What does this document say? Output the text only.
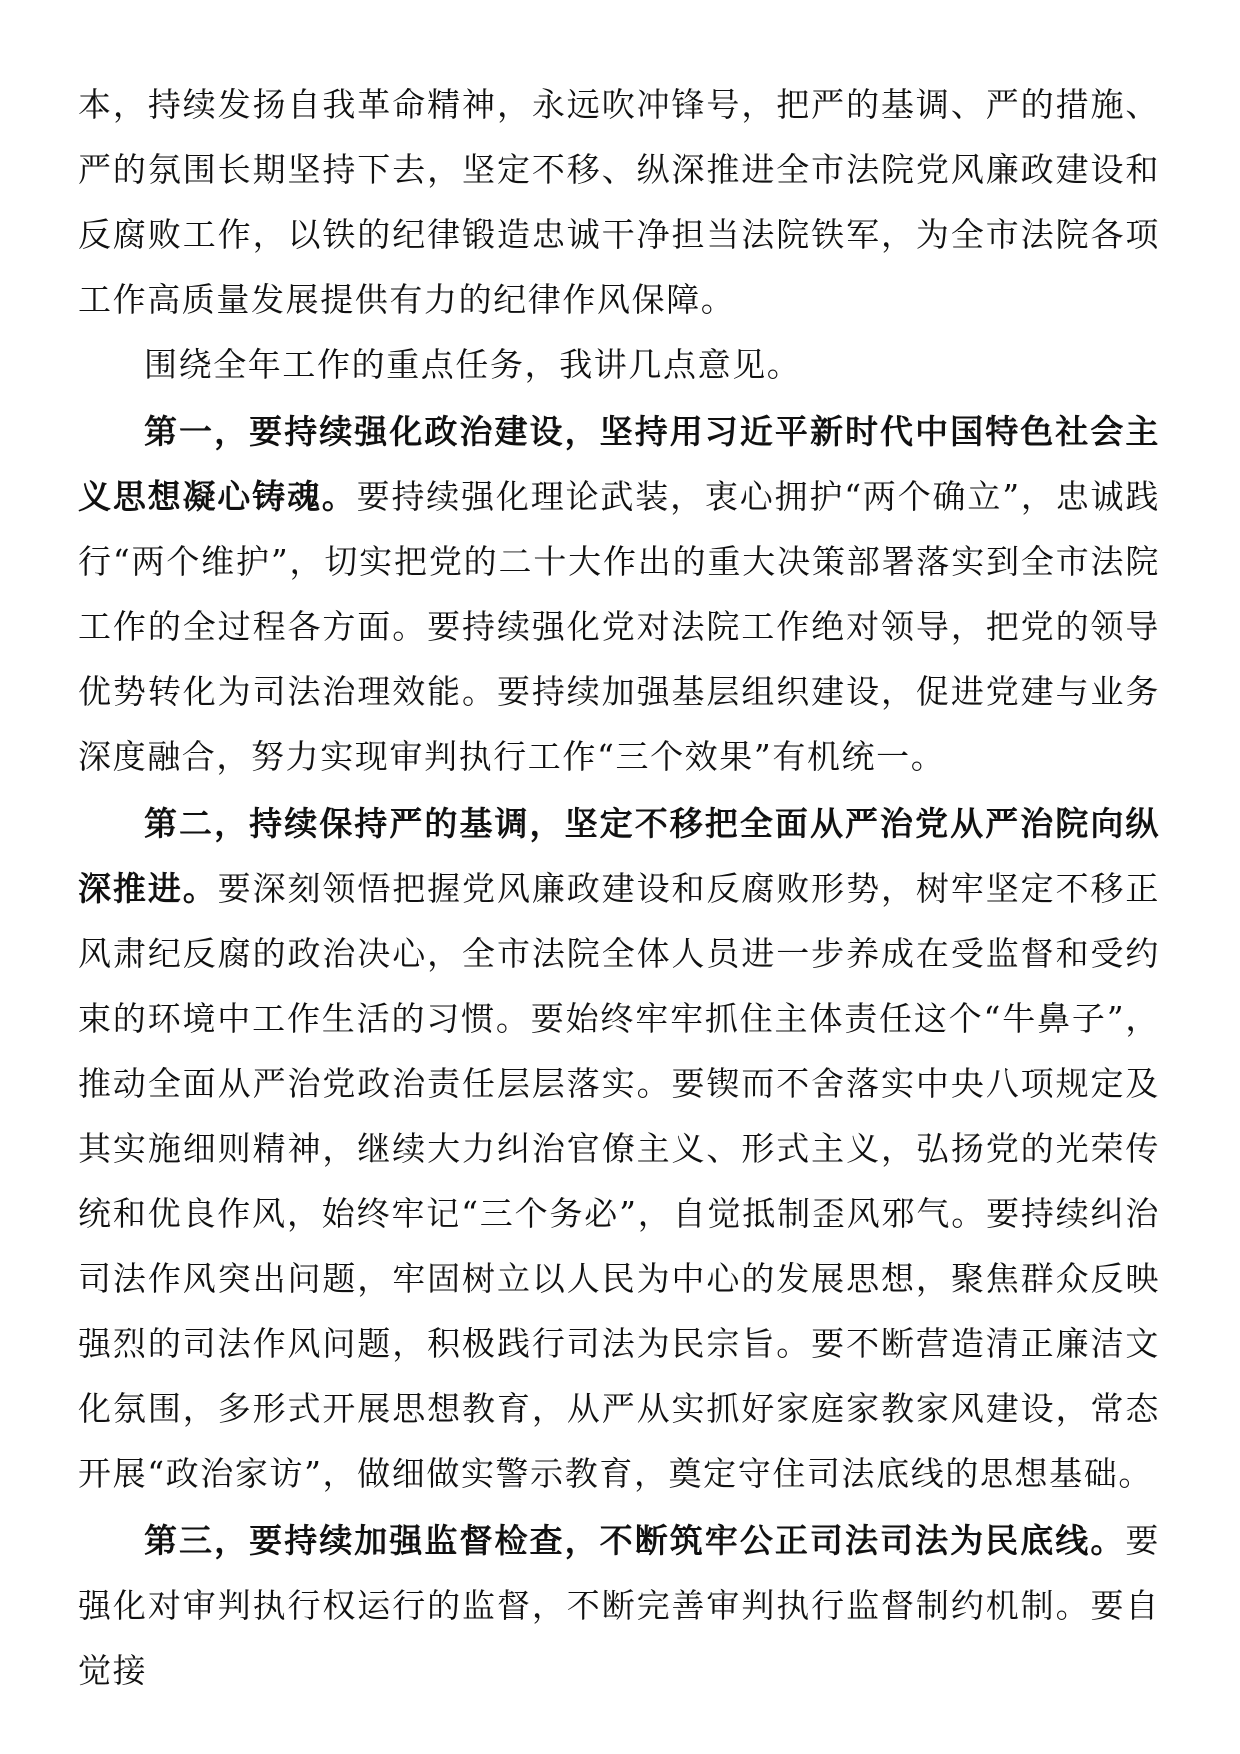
本，持续发扬自我革命精神，永远吹冲锋号，把严的基调、严的措施、严的氛围长期坚持下去，坚定不移、纵深推进全市法院党风廉政建设和反腐败工作，以铁的纪律锻造忠诚干净担当法院铁军，为全市法院各项工作高质量发展提供有力的纪律作风保障。

围绕全年工作的重点任务，我讲几点意见。

第一，要持续强化政治建设，坚持用习近平新时代中国特色社会主义思想凝心铸魂。要持续强化理论武装，衷心拥护“两个确立”，忠诚践行“两个维护”，切实把党的二十大作出的重大决策部署落实到全市法院工作的全过程各方面。要持续强化党对法院工作绝对领导，把党的领导优势转化为司法治理效能。要持续加强基层组织建设，促进党建与业务深度融合，努力实现审判执行工作“三个效果”有机统一。

第二，持续保持严的基调，坚定不移把全面从严治党从严治院向纵深推进。要深刻领悟把握党风廉政建设和反腐败形势，树牢坚定不移正风肃纪反腐的政治决心，全市法院全体人员进一步养成在受监督和受约束的环境中工作生活的习惯。要始终牢牢抓住主体责任这个“牛鼻子”，推动全面从严治党政治责任层层落实。要锲而不舍落实中央八项规定及其实施细则精神，继续大力纠治官僚主义、形式主义，弘扬党的光荣传统和优良作风，始终牢记“三个务必”，自觉抵制歪风邪气。要持续纠治司法作风突出问题，牢固树立以人民为中心的发展思想，聚焦群众反映强烈的司法作风问题，积极践行司法为民宗旨。要不断营造清正廉洁文化氛围，多形式开展思想教育，从严从实抓好家庭家教家风建设，常态开展“政治家访”，做细做实警示教育，奠定守住司法底线的思想基础。

第三，要持续加强监督检查，不断筑牢公正司法司法为民底线。要强化对审判执行权运行的监督，不断完善审判执行监督制约机制。要自觉接
